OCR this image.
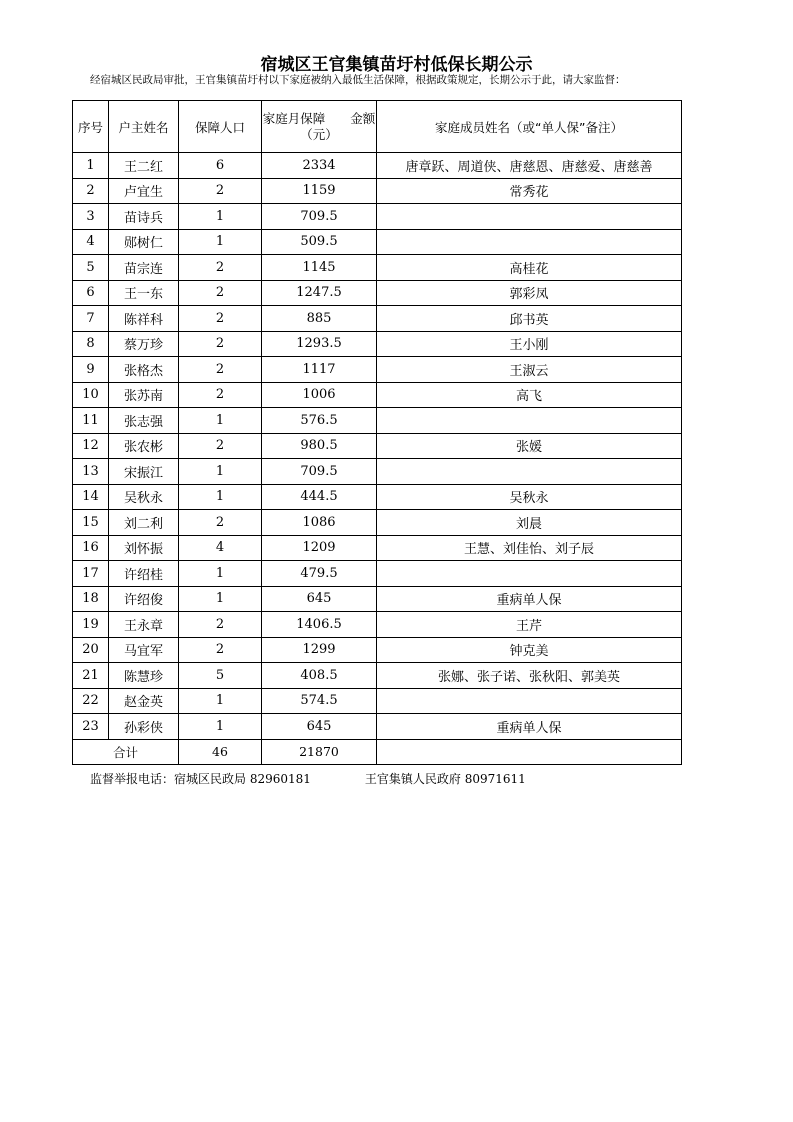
宿城区王官集镇苗圩村低保长期公示
经宿城区民政局审批，王官集镇苗圩村以下家庭被纳入最低生活保障，根据政策规定，长期公示于此，请大家监督：
序号	户主姓名	保障人口	家庭月保障　　金额（元）	家庭成员姓名（或“单人保”备注）
1	王二红	6	2334	唐章跃、周道侠、唐慈恩、唐慈爱、唐慈善
2	卢宜生	2	1159	常秀花
3	苗诗兵	1	709.5	
4	郧树仁	1	509.5	
5	苗宗连	2	1145	高桂花
6	王一东	2	1247.5	郭彩凤
7	陈祥科	2	885	邱书英
8	蔡万珍	2	1293.5	王小刚
9	张格杰	2	1117	王淑云
10	张苏南	2	1006	高飞
11	张志强	1	576.5	
12	张农彬	2	980.5	张媛
13	宋振江	1	709.5	
14	吴秋永	1	444.5	吴秋永
15	刘二利	2	1086	刘晨
16	刘怀振	4	1209	王慧、刘佳怡、刘子辰
17	许绍桂	1	479.5	
18	许绍俊	1	645	重病单人保
19	王永章	2	1406.5	王芹
20	马宜军	2	1299	钟克美
21	陈慧珍	5	408.5	张娜、张子诺、张秋阳、郭美英
22	赵金英	1	574.5	
23	孙彩侠	1	645	重病单人保
合计		46	21870	
监督举报电话：宿城区民政局 82960181	王官集镇人民政府 80971611
